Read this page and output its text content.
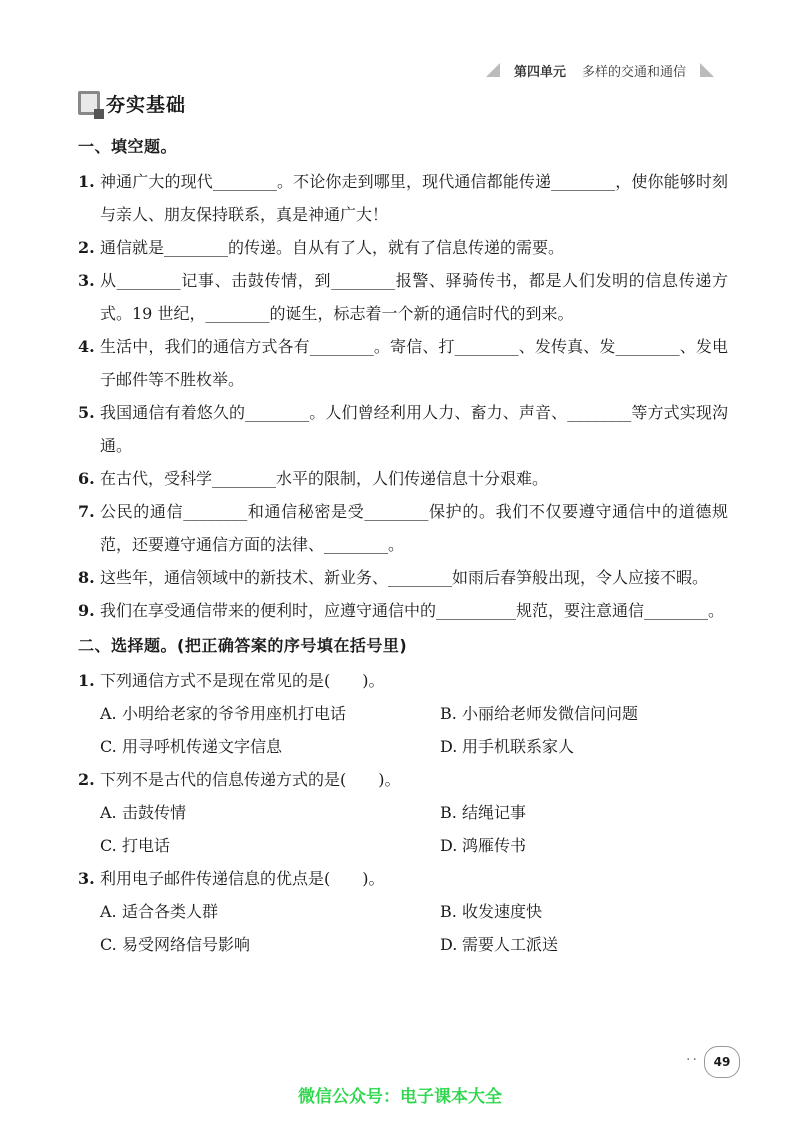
第四单元 多样的交通和通信
夯实基础
一、填空题。
1. 神通广大的现代________。不论你走到哪里，现代通信都能传递________，使你能够时刻与亲人、朋友保持联系，真是神通广大！
2. 通信就是________的传递。自从有了人，就有了信息传递的需要。
3. 从________记事、击鼓传情，到________报警、驿骑传书，都是人们发明的信息传递方式。19 世纪，________的诞生，标志着一个新的通信时代的到来。
4. 生活中，我们的通信方式各有________。寄信、打________、发传真、发________、发电子邮件等不胜枚举。
5. 我国通信有着悠久的________。人们曾经利用人力、畜力、声音、________等方式实现沟通。
6. 在古代，受科学________水平的限制，人们传递信息十分艰难。
7. 公民的通信________和通信秘密是受________保护的。我们不仅要遵守通信中的道德规范，还要遵守通信方面的法律、________。
8. 这些年，通信领域中的新技术、新业务、________如雨后春笋般出现，令人应接不暇。
9. 我们在享受通信带来的便利时，应遵守通信中的__________规范，要注意通信________。
二、选择题。(把正确答案的序号填在括号里)
1. 下列通信方式不是现在常见的是(　　)。
A. 小明给老家的爷爷用座机打电话	B. 小丽给老师发微信问问题
C. 用寻呼机传递文字信息	D. 用手机联系家人
2. 下列不是古代的信息传递方式的是(　　)。
A. 击鼓传情	B. 结绳记事
C. 打电话	D. 鸿雁传书
3. 利用电子邮件传递信息的优点是(　　)。
A. 适合各类人群	B. 收发速度快
C. 易受网络信号影响	D. 需要人工派送
··	49
微信公众号：电子课本大全
